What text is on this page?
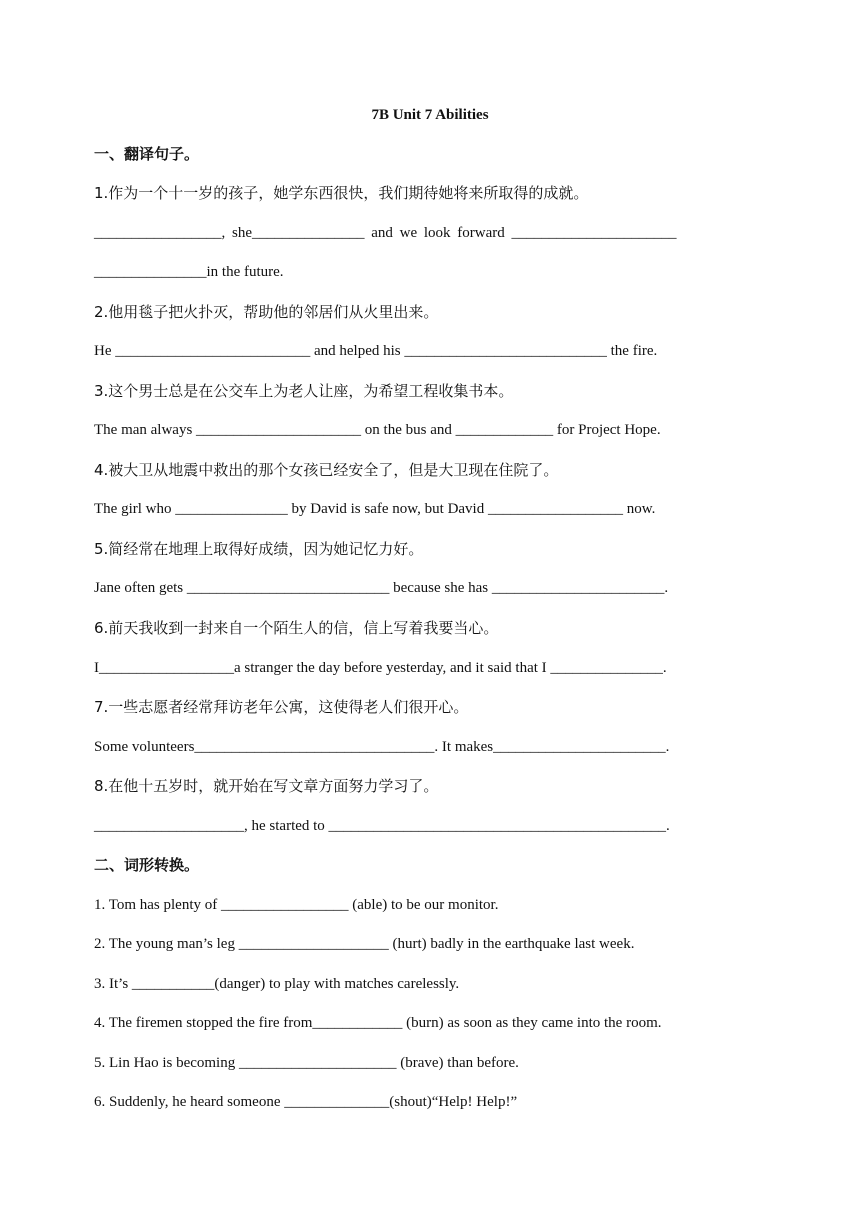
7B Unit 7 Abilities
一、翻译句子。
1.作为一个十一岁的孩子，她学东西很快，我们期待她将来所取得的成就。
_________________, she_______________ and we look forward ______________________
_______________in the future.
2.他用毯子把火扑灭，帮助他的邻居们从火里出来。
He __________________________ and helped his ___________________________ the fire.
3.这个男士总是在公交车上为老人让座，为希望工程收集书本。
The man always ______________________ on the bus and _____________ for Project Hope.
4.被大卫从地震中救出的那个女孩已经安全了，但是大卫现在住院了。
The girl who _______________ by David is safe now, but David __________________ now.
5.简经常在地理上取得好成绩，因为她记忆力好。
Jane often gets ___________________________ because she has _______________________.
6.前天我收到一封来自一个陌生人的信，信上写着我要当心。
I__________________a stranger the day before yesterday, and it said that I _______________.
7.一些志愿者经常拜访老年公寓，这使得老人们很开心。
Some volunteers________________________________. It makes_______________________.
8.在他十五岁时，就开始在写文章方面努力学习了。
____________________, he started to _____________________________________________.
二、词形转换。
1. Tom has plenty of _________________ (able) to be our monitor.
2. The young man’s leg ____________________ (hurt) badly in the earthquake last week.
3. It’s ___________(danger) to play with matches carelessly.
4. The firemen stopped the fire from____________ (burn) as soon as they came into the room.
5. Lin Hao is becoming _____________________ (brave) than before.
6. Suddenly, he heard someone ______________(shout)“Help! Help!”
